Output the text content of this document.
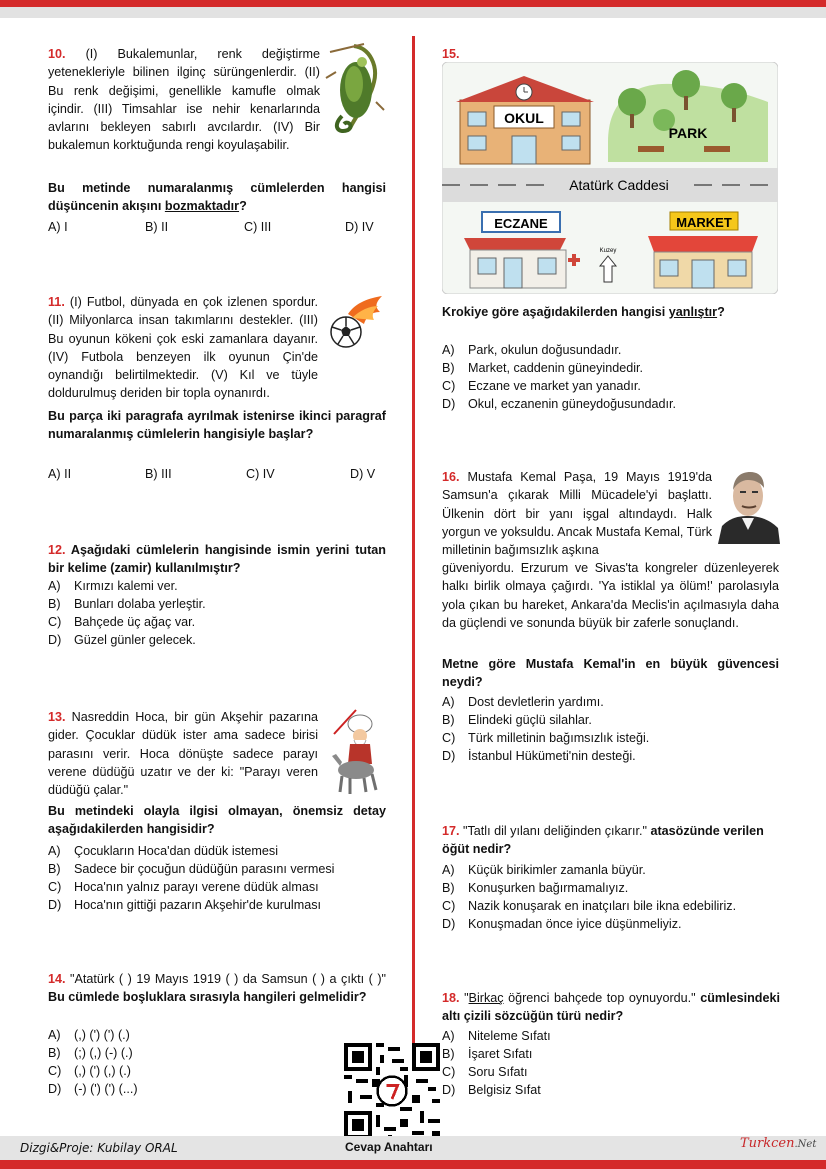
10. (I) Bukalemunlar, renk değiştirme yetenekleriyle bilinen ilginç sürüngenlerdir. (II) Bu renk değişimi, genellikle kamufle olmak içindir. (III) Timsahlar ise nehir kenarlarında avlarını bekleyen sabırlı avcılardır. (IV) Bir bukalemun korktuğunda rengi koyulaşabilir.
Bu metinde numaralanmış cümlelerden hangisi düşüncenin akışını bozmaktadır?
A) I	B) II	C) III	D) IV
11. (I) Futbol, dünyada en çok izlenen spordur. (II) Milyonlarca insan takımlarını destekler. (III) Bu oyunun kökeni çok eski zamanlara dayanır. (IV) Futbola benzeyen ilk oyunun Çin'de oynandığı belirtilmektedir. (V) Kıl ve tüyle doldurulmuş deriden bir topla oynanırdı.
Bu parça iki paragrafa ayrılmak istenirse ikinci paragraf numaralanmış cümlelerin hangisiyle başlar?
A) II	B) III	C) IV	D) V
12. Aşağıdaki cümlelerin hangisinde ismin yerini tutan bir kelime (zamir) kullanılmıştır?
A) Kırmızı kalemi ver.
B) Bunları dolaba yerleştir.
C) Bahçede üç ağaç var.
D) Güzel günler gelecek.
13. Nasreddin Hoca, bir gün Akşehir pazarına gider. Çocuklar düdük ister ama sadece birisi parasını verir. Hoca dönüşte sadece parayı verene düdüğü uzatır ve der ki: "Parayı veren düdüğü çalar."
Bu metindeki olayla ilgisi olmayan, önemsiz detay aşağıdakilerden hangisidir?
A) Çocukların Hoca'dan düdük istemesi
B) Sadece bir çocuğun düdüğün parasını vermesi
C) Hoca'nın yalnız parayı verene düdük alması
D) Hoca'nın gittiği pazarın Akşehir'de kurulması
14. "Atatürk ( ) 19 Mayıs 1919 ( ) da Samsun ( ) a çıktı ( )" Bu cümlede boşluklara sırasıyla hangileri gelmelidir?
A) (,) (') (') (.)
B) (;) (,) (-) (.)
C) (,) (') (,) (.)
D) (-) (') (') (...)
15.
OKUL
PARK
Atatürk Caddesi
ECZANE
Kuzey
MARKET
Krokiye göre aşağıdakilerden hangisi yanlıştır?
A) Park, okulun doğusundadır.
B) Market, caddenin güneyindedir.
C) Eczane ve market yan yanadır.
D) Okul, eczanenin güneydoğusundadır.
16. Mustafa Kemal Paşa, 19 Mayıs 1919'da Samsun'a çıkarak Milli Mücadele'yi başlattı. Ülkenin dört bir yanı işgal altındaydı. Halk yorgun ve yoksuldu. Ancak Mustafa Kemal, Türk milletinin bağımsızlık aşkına
güveniyordu. Erzurum ve Sivas'ta kongreler düzenleyerek halkı birlik olmaya çağırdı. 'Ya istiklal ya ölüm!' parolasıyla yola çıkan bu hareket, Ankara'da Meclis'in açılmasıyla daha da güçlendi ve sonunda büyük bir zaferle sonuçlandı.
Metne göre Mustafa Kemal'in en büyük güvencesi neydi?
A) Dost devletlerin yardımı.
B) Elindeki güçlü silahlar.
C) Türk milletinin bağımsızlık isteği.
D) İstanbul Hükümeti'nin desteği.
17. "Tatlı dil yılanı deliğinden çıkarır." atasözünde verilen öğüt nedir?
A) Küçük birikimler zamanla büyür.
B) Konuşurken bağırmamalıyız.
C) Nazik konuşarak en inatçıları bile ikna edebiliriz.
D) Konuşmadan önce iyice düşünmeliyiz.
18. "Birkaç öğrenci bahçede top oynuyordu." cümlesindeki altı çizili sözcüğün türü nedir?
A) Niteleme Sıfatı
B) İşaret Sıfatı
C) Soru Sıfatı
D) Belgisiz Sıfat
Dizgi&Proje: Kubilay ORAL	Cevap Anahtarı	Turkcen.Net
